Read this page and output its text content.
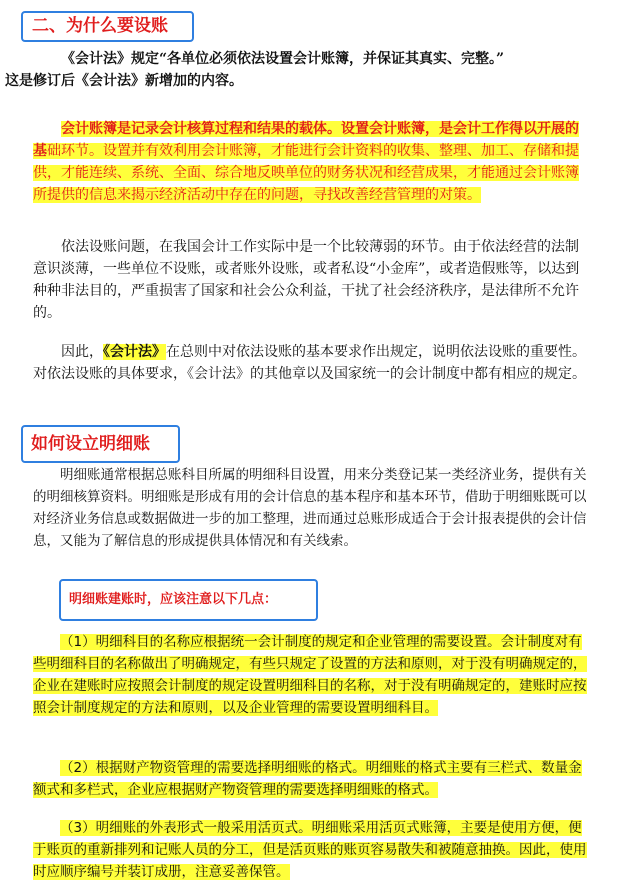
二、为什么要设账

《会计法》规定“各单位必须依法设置会计账簿，并保证其真实、完整。”
这是修订后《会计法》新增加的内容。

会计账簿是记录会计核算过程和结果的载体。设置会计账簿，是会计工作得以开展的基础环节。设置并有效利用会计账簿，才能进行会计资料的收集、整理、加工、存储和提供，才能连续、系统、全面、综合地反映单位的财务状况和经营成果，才能通过会计账簿所提供的信息来揭示经济活动中存在的问题，寻找改善经营管理的对策。

依法设账问题，在我国会计工作实际中是一个比较薄弱的环节。由于依法经营的法制意识淡薄，一些单位不设账，或者账外设账，或者私设“小金库”，或者造假账等，以达到种种非法目的，严重损害了国家和社会公众利益，干扰了社会经济秩序，是法律所不允许的。

因此，《会计法》在总则中对依法设账的基本要求作出规定，说明依法设账的重要性。对依法设账的具体要求，《会计法》的其他章以及国家统一的会计制度中都有相应的规定。

如何设立明细账

明细账通常根据总账科目所属的明细科目设置，用来分类登记某一类经济业务，提供有关的明细核算资料。明细账是形成有用的会计信息的基本程序和基本环节，借助于明细账既可以对经济业务信息或数据做进一步的加工整理，进而通过总账形成适合于会计报表提供的会计信息，又能为了解信息的形成提供具体情况和有关线索。

明细账建账时，应该注意以下几点：

（1）明细科目的名称应根据统一会计制度的规定和企业管理的需要设置。会计制度对有些明细科目的名称做出了明确规定，有些只规定了设置的方法和原则，对于没有明确规定的，企业在建账时应按照会计制度的规定设置明细科目的名称，对于没有明确规定的，建账时应按照会计制度规定的方法和原则，以及企业管理的需要设置明细科目。

（2）根据财产物资管理的需要选择明细账的格式。明细账的格式主要有三栏式、数量金额式和多栏式，企业应根据财产物资管理的需要选择明细账的格式。

（3）明细账的外表形式一般采用活页式。明细账采用活页式账簿，主要是使用方便，便于账页的重新排列和记账人员的分工，但是活页账的账页容易散失和被随意抽换。因此，使用时应顺序编号并装订成册，注意妥善保管。
